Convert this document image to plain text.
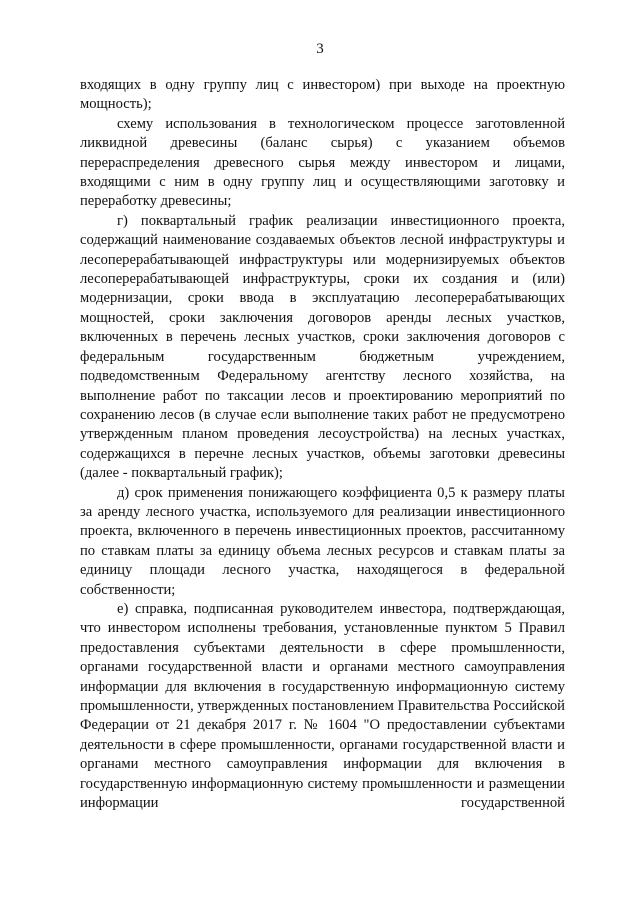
3

входящих в одну группу лиц с инвестором) при выходе на проектную мощность);

схему использования в технологическом процессе заготовленной ликвидной древесины (баланс сырья) с указанием объемов перераспределения древесного сырья между инвестором и лицами, входящими с ним в одну группу лиц и осуществляющими заготовку и переработку древесины;

г) поквартальный график реализации инвестиционного проекта, содержащий наименование создаваемых объектов лесной инфраструктуры и лесоперерабатывающей инфраструктуры или модернизируемых объектов лесоперерабатывающей инфраструктуры, сроки их создания и (или) модернизации, сроки ввода в эксплуатацию лесоперерабатывающих мощностей, сроки заключения договоров аренды лесных участков, включенных в перечень лесных участков, сроки заключения договоров с федеральным государственным бюджетным учреждением, подведомственным Федеральному агентству лесного хозяйства, на выполнение работ по таксации лесов и проектированию мероприятий по сохранению лесов (в случае если выполнение таких работ не предусмотрено утвержденным планом проведения лесоустройства) на лесных участках, содержащихся в перечне лесных участков, объемы заготовки древесины (далее - поквартальный график);

д) срок применения понижающего коэффициента 0,5 к размеру платы за аренду лесного участка, используемого для реализации инвестиционного проекта, включенного в перечень инвестиционных проектов, рассчитанному по ставкам платы за единицу объема лесных ресурсов и ставкам платы за единицу площади лесного участка, находящегося в федеральной собственности;

е) справка, подписанная руководителем инвестора, подтверждающая, что инвестором исполнены требования, установленные пунктом 5 Правил предоставления субъектами деятельности в сфере промышленности, органами государственной власти и органами местного самоуправления информации для включения в государственную информационную систему промышленности, утвержденных постановлением Правительства Российской Федерации от 21 декабря 2017 г. № 1604 "О предоставлении субъектами деятельности в сфере промышленности, органами государственной власти и органами местного самоуправления информации для включения в государственную информационную систему промышленности и размещении информации государственной
